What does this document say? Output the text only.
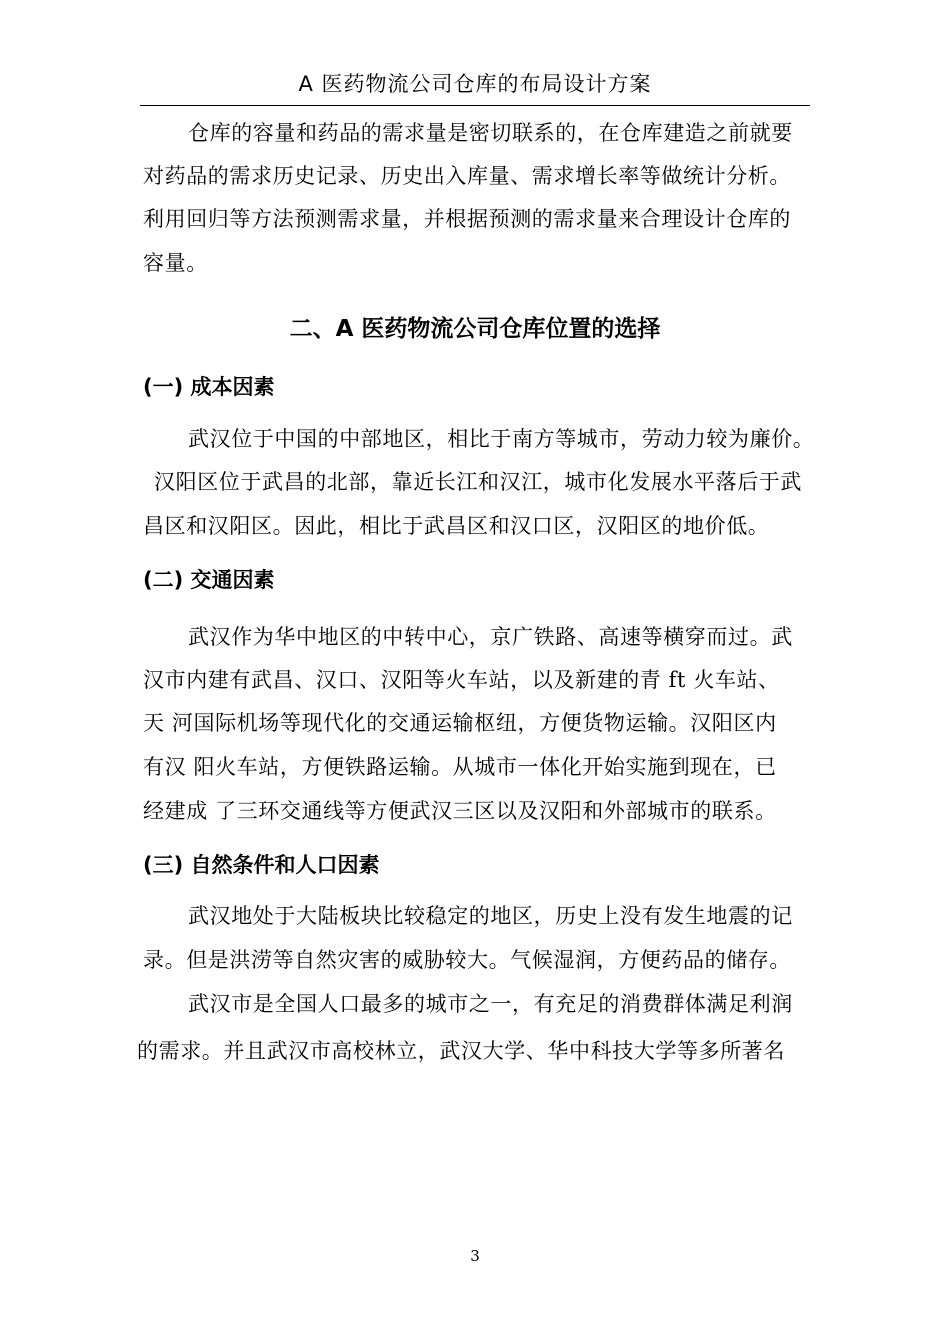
A 医药物流公司仓库的布局设计方案
仓库的容量和药品的需求量是密切联系的，在仓库建造之前就要
对药品的需求历史记录、历史出入库量、需求增长率等做统计分析。
利用回归等方法预测需求量，并根据预测的需求量来合理设计仓库的
容量。
二、A 医药物流公司仓库位置的选择
(一) 成本因素
武汉位于中国的中部地区，相比于南方等城市，劳动力较为廉价。
汉阳区位于武昌的北部，靠近长江和汉江，城市化发展水平落后于武
昌区和汉阳区。因此，相比于武昌区和汉口区，汉阳区的地价低。
(二) 交通因素
武汉作为华中地区的中转中心，京广铁路、高速等横穿而过。武
汉市内建有武昌、汉口、汉阳等火车站，以及新建的青 ft 火车站、
天 河国际机场等现代化的交通运输枢纽，方便货物运输。汉阳区内
有汉 阳火车站，方便铁路运输。从城市一体化开始实施到现在，已
经建成 了三环交通线等方便武汉三区以及汉阳和外部城市的联系。
(三) 自然条件和人口因素
武汉地处于大陆板块比较稳定的地区，历史上没有发生地震的记
录。但是洪涝等自然灾害的威胁较大。气候湿润，方便药品的储存。
武汉市是全国人口最多的城市之一，有充足的消费群体满足利润
的需求。并且武汉市高校林立，武汉大学、华中科技大学等多所著名
3
